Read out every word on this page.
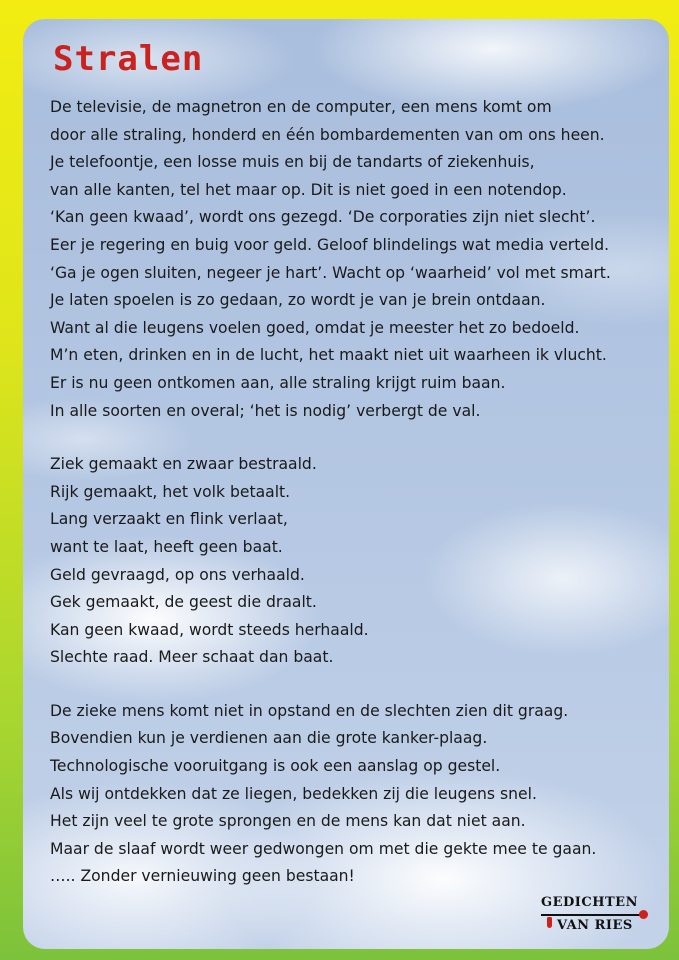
Stralen
De televisie, de magnetron en de computer, een mens komt om
door alle straling, honderd en één bombardementen van om ons heen.
Je telefoontje, een losse muis en bij de tandarts of ziekenhuis,
van alle kanten, tel het maar op. Dit is niet goed in een notendop.
‘Kan geen kwaad’, wordt ons gezegd. ‘De corporaties zijn niet slecht’.
Eer je regering en buig voor geld. Geloof blindelings wat media verteld.
‘Ga je ogen sluiten, negeer je hart’. Wacht op ‘waarheid’ vol met smart.
Je laten spoelen is zo gedaan, zo wordt je van je brein ontdaan.
Want al die leugens voelen goed, omdat je meester het zo bedoeld.
M’n eten, drinken en in de lucht, het maakt niet uit waarheen ik vlucht.
Er is nu geen ontkomen aan, alle straling krijgt ruim baan.
In alle soorten en overal; ‘het is nodig’ verbergt de val.
Ziek gemaakt en zwaar bestraald.
Rijk gemaakt, het volk betaalt.
Lang verzaakt en flink verlaat,
want te laat, heeft geen baat.
Geld gevraagd, op ons verhaald.
Gek gemaakt, de geest die draalt.
Kan geen kwaad, wordt steeds herhaald.
Slechte raad. Meer schaat dan baat.
De zieke mens komt niet in opstand en de slechten zien dit graag.
Bovendien kun je verdienen aan die grote kanker-plaag.
Technologische vooruitgang is ook een aanslag op gestel.
Als wij ontdekken dat ze liegen, bedekken zij die leugens snel.
Het zijn veel te grote sprongen en de mens kan dat niet aan.
Maar de slaaf wordt weer gedwongen om met die gekte mee te gaan.
….. Zonder vernieuwing geen bestaan!
GEDICHTEN
VAN RIES
